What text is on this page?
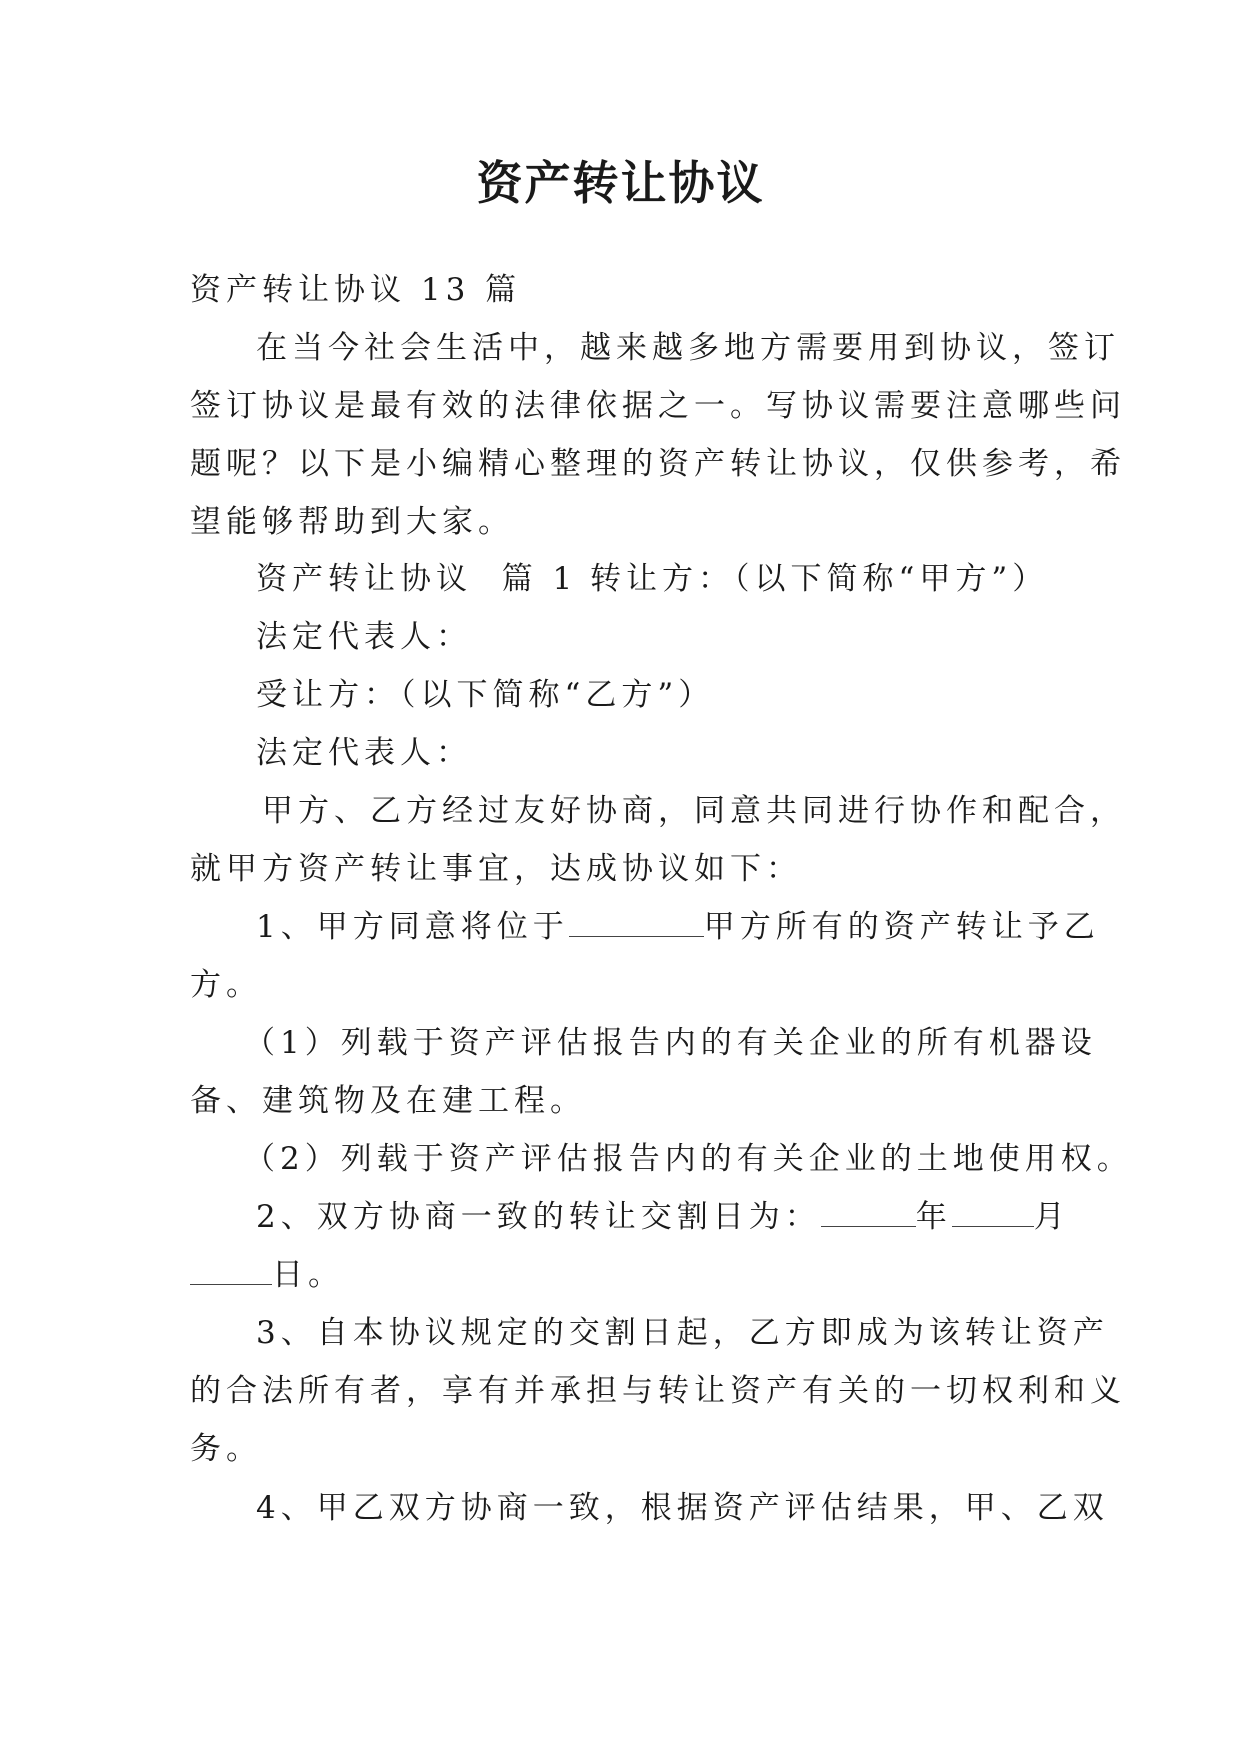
资产转让协议
资产转让协议 13 篇
在当今社会生活中，越来越多地方需要用到协议，签订
签订协议是最有效的法律依据之一。写协议需要注意哪些问
题呢？以下是小编精心整理的资产转让协议，仅供参考，希
望能够帮助到大家。
资产转让协议  篇 1 转让方：（以下简称“甲方”）
法定代表人：
受让方：（以下简称“乙方”）
法定代表人：
甲方、乙方经过友好协商，同意共同进行协作和配合，
就甲方资产转让事宜，达成协议如下：
1、甲方同意将位于	甲方所有的资产转让予乙
方。
（1）列载于资产评估报告内的有关企业的所有机器设
备、建筑物及在建工程。
（2）列载于资产评估报告内的有关企业的土地使用权。
2、双方协商一致的转让交割日为：	年	月
日。
3、自本协议规定的交割日起，乙方即成为该转让资产
的合法所有者，享有并承担与转让资产有关的一切权利和义
务。
4、甲乙双方协商一致，根据资产评估结果，甲、乙双
